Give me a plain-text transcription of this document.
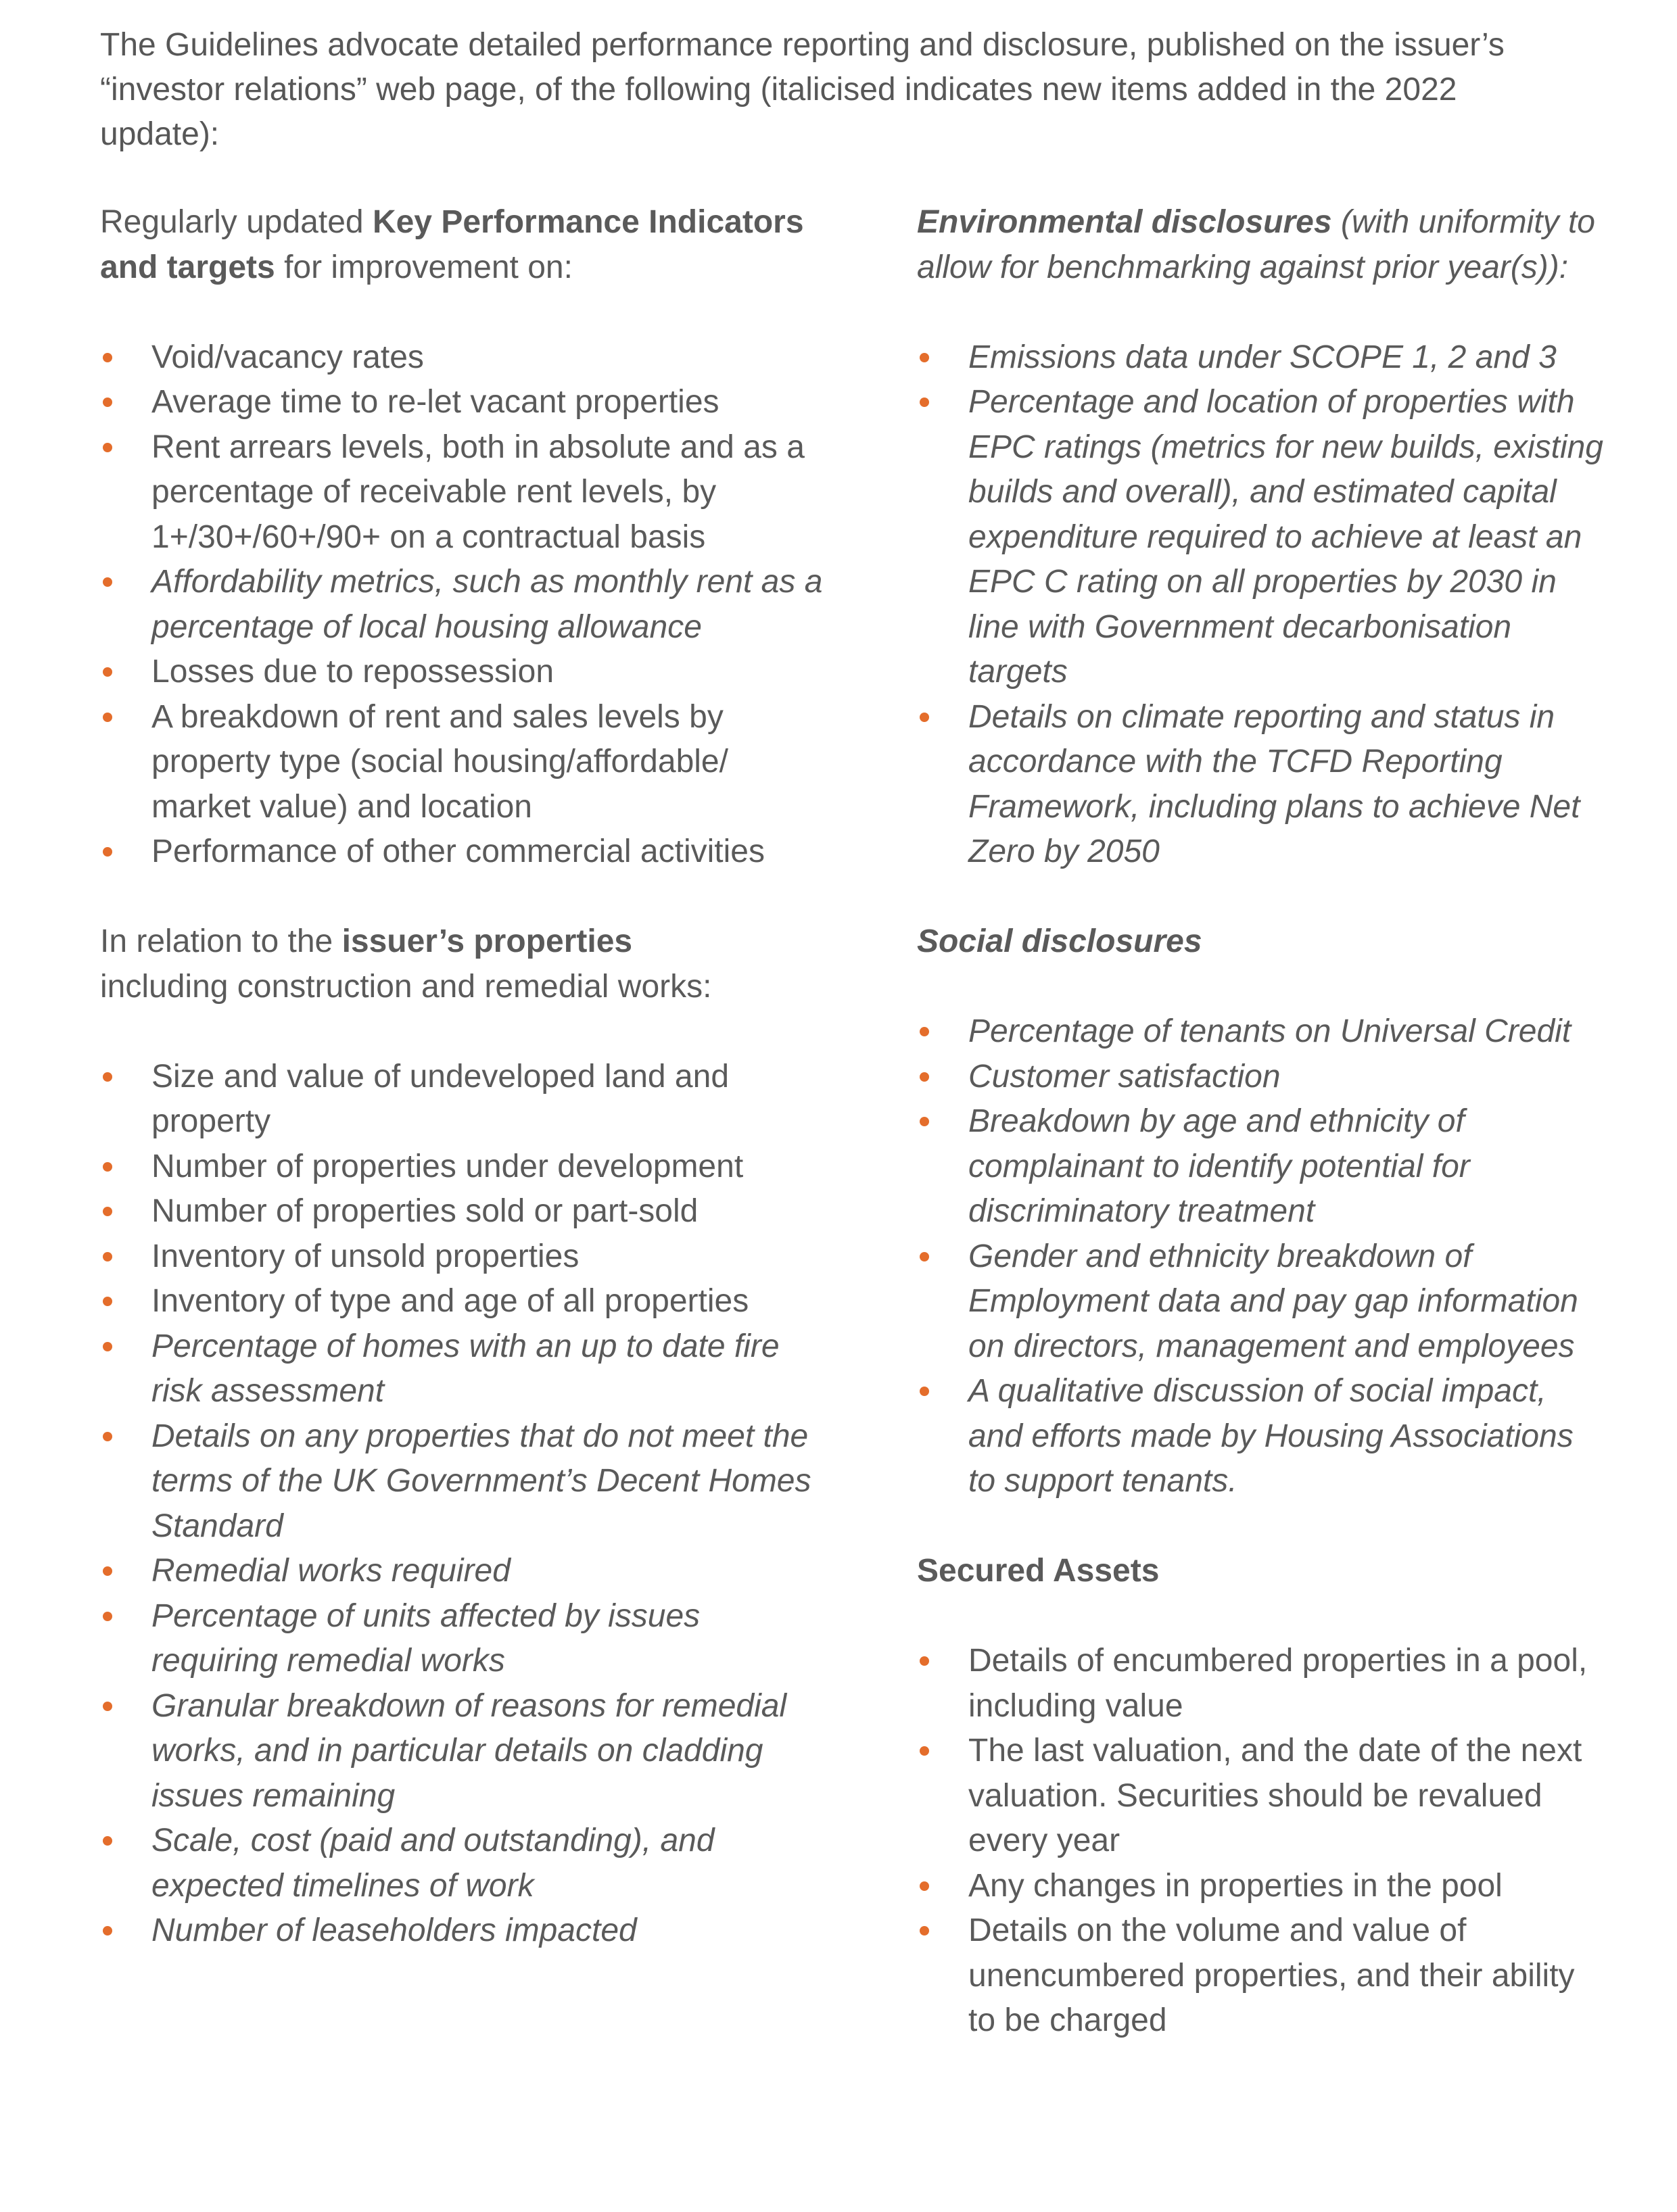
The Guidelines advocate detailed performance reporting and disclosure, published on the issuer’s “investor relations” web page, of the following (italicised indicates new items added in the 2022 update):

Regularly updated Key Performance Indicators and targets for improvement on:

Void/vacancy rates
Average time to re-let vacant properties
Rent arrears levels, both in absolute and as a percentage of receivable rent levels, by 1+/30+/60+/90+ on a contractual basis
Affordability metrics, such as monthly rent as a percentage of local housing allowance
Losses due to repossession
A breakdown of rent and sales levels by property type (social housing/affordable/ market value) and location
Performance of other commercial activities

In relation to the issuer’s properties including construction and remedial works:

Size and value of undeveloped land and property
Number of properties under development
Number of properties sold or part-sold
Inventory of unsold properties
Inventory of type and age of all properties
Percentage of homes with an up to date fire risk assessment
Details on any properties that do not meet the terms of the UK Government’s Decent Homes Standard
Remedial works required
Percentage of units affected by issues requiring remedial works
Granular breakdown of reasons for remedial works, and in particular details on cladding issues remaining
Scale, cost (paid and outstanding), and expected timelines of work
Number of leaseholders impacted

Environmental disclosures (with uniformity to allow for benchmarking against prior year(s)):

Emissions data under SCOPE 1, 2 and 3
Percentage and location of properties with EPC ratings (metrics for new builds, existing builds and overall), and estimated capital expenditure required to achieve at least an EPC C rating on all properties by 2030 in line with Government decarbonisation targets
Details on climate reporting and status in accordance with the TCFD Reporting Framework, including plans to achieve Net Zero by 2050

Social disclosures

Percentage of tenants on Universal Credit
Customer satisfaction
Breakdown by age and ethnicity of complainant to identify potential for discriminatory treatment
Gender and ethnicity breakdown of Employment data and pay gap information on directors, management and employees
A qualitative discussion of social impact, and efforts made by Housing Associations to support tenants.

Secured Assets

Details of encumbered properties in a pool, including value
The last valuation, and the date of the next valuation. Securities should be revalued every year
Any changes in properties in the pool
Details on the volume and value of unencumbered properties, and their ability to be charged
